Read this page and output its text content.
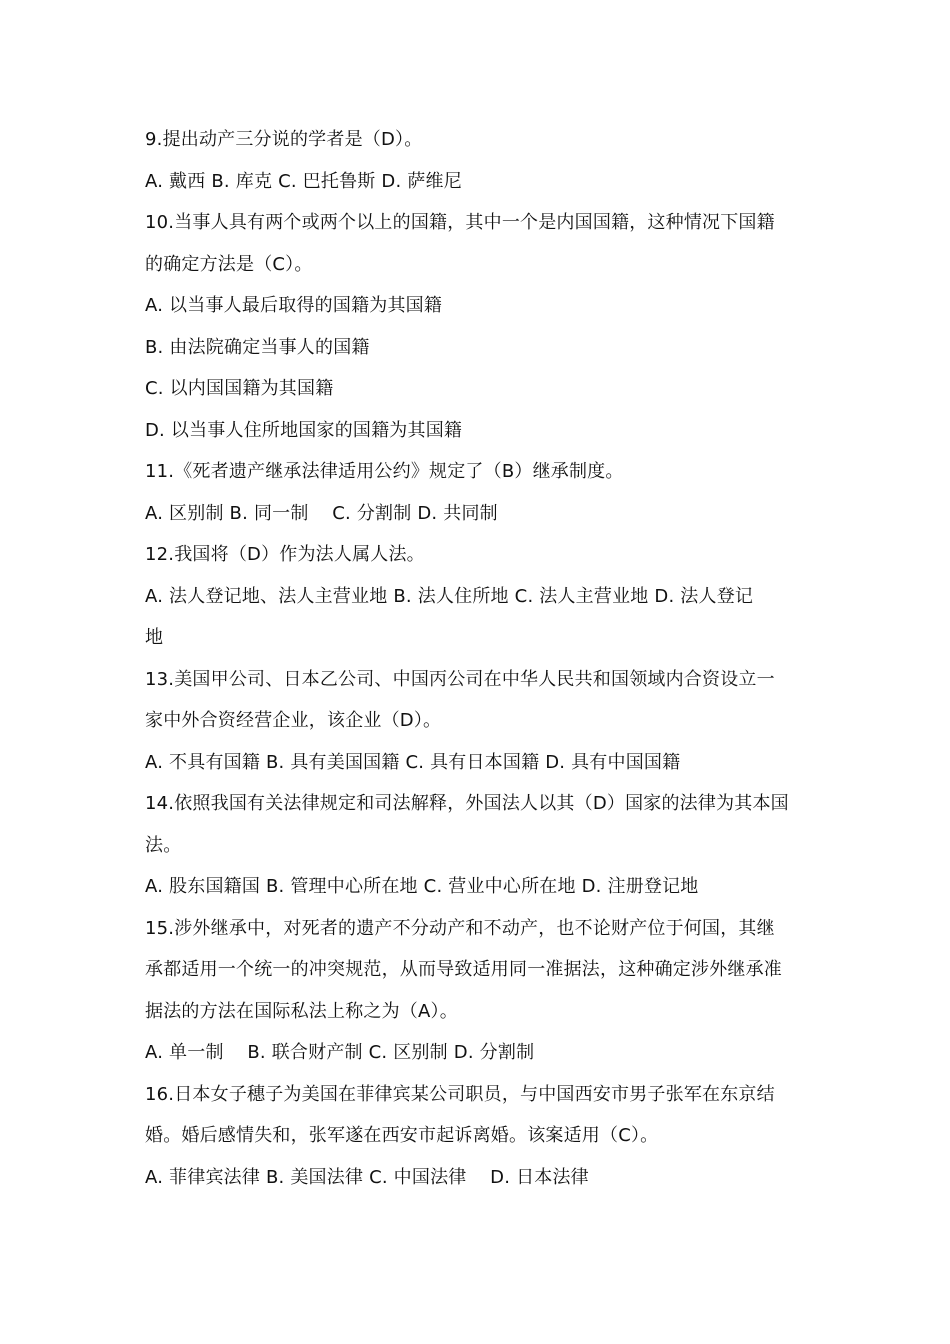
9.提出动产三分说的学者是（D）。
A. 戴西 B. 库克 C. 巴托鲁斯 D. 萨维尼
10.当事人具有两个或两个以上的国籍，其中一个是内国国籍，这种情况下国籍
的确定方法是（C）。
A. 以当事人最后取得的国籍为其国籍
B. 由法院确定当事人的国籍
C. 以内国国籍为其国籍
D. 以当事人住所地国家的国籍为其国籍
11.《死者遗产继承法律适用公约》规定了（B）继承制度。
A. 区别制 B. 同一制    C. 分割制 D. 共同制
12.我国将（D）作为法人属人法。
A. 法人登记地、法人主营业地 B. 法人住所地 C. 法人主营业地 D. 法人登记
地
13.美国甲公司、日本乙公司、中国丙公司在中华人民共和国领域内合资设立一
家中外合资经营企业，该企业（D）。
A. 不具有国籍 B. 具有美国国籍 C. 具有日本国籍 D. 具有中国国籍
14.依照我国有关法律规定和司法解释，外国法人以其（D）国家的法律为其本国
法。
A. 股东国籍国 B. 管理中心所在地 C. 营业中心所在地 D. 注册登记地
15.涉外继承中，对死者的遗产不分动产和不动产，也不论财产位于何国，其继
承都适用一个统一的冲突规范，从而导致适用同一准据法，这种确定涉外继承准
据法的方法在国际私法上称之为（A）。
A. 单一制    B. 联合财产制 C. 区别制 D. 分割制
16.日本女子穗子为美国在菲律宾某公司职员，与中国西安市男子张军在东京结
婚。婚后感情失和，张军遂在西安市起诉离婚。该案适用（C）。
A. 菲律宾法律 B. 美国法律 C. 中国法律    D. 日本法律
